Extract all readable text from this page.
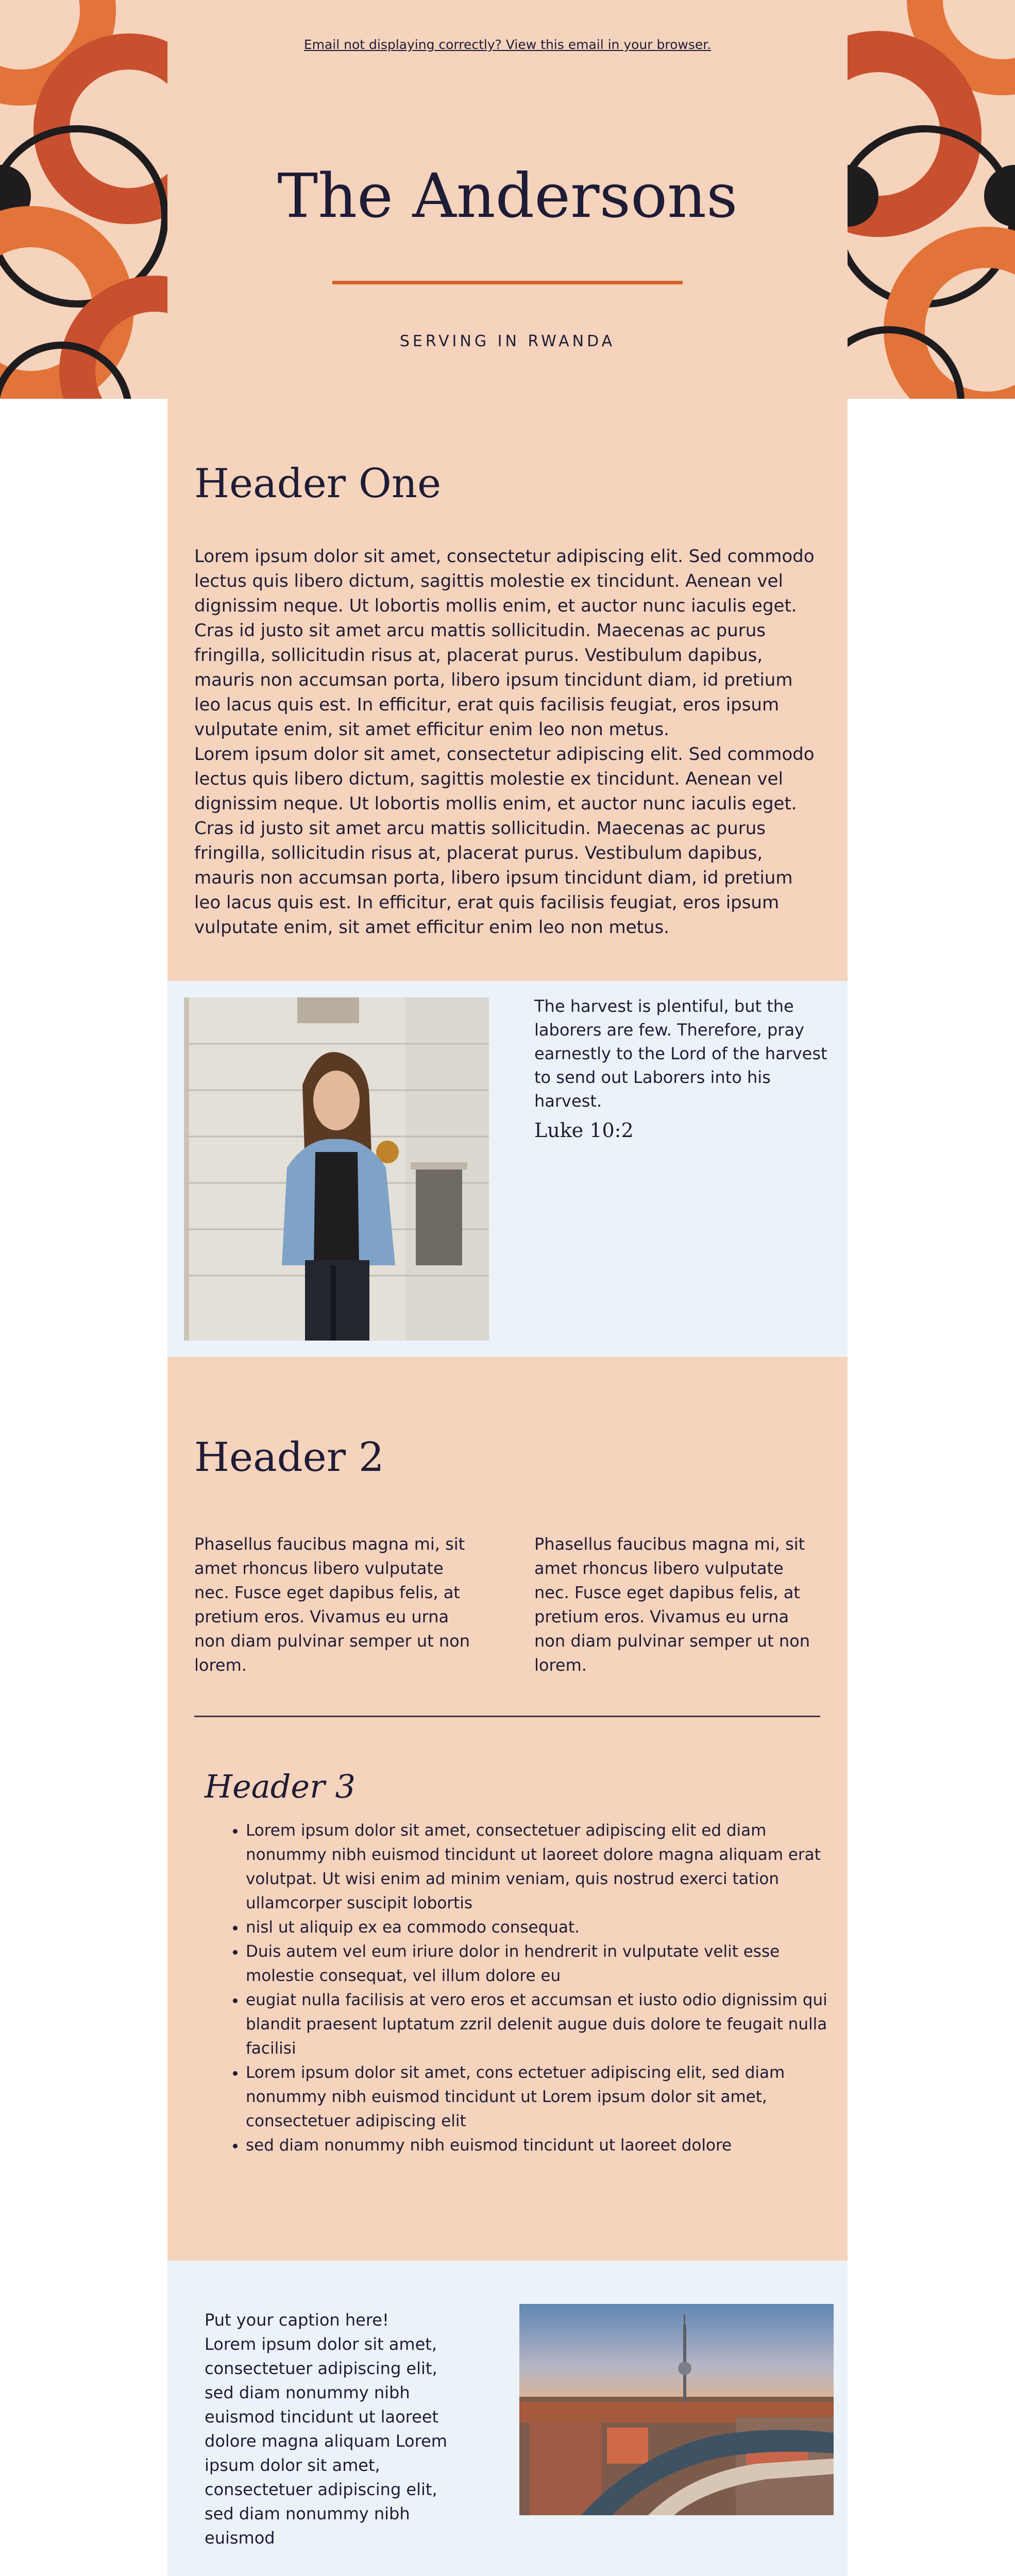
Email not displaying correctly? View this email in your browser.
The Andersons
SERVING IN RWANDA
Header One
Lorem ipsum dolor sit amet, consectetur adipiscing elit. Sed commodo lectus quis libero dictum, sagittis molestie ex tincidunt. Aenean vel dignissim neque. Ut lobortis mollis enim, et auctor nunc iaculis eget. Cras id justo sit amet arcu mattis sollicitudin. Maecenas ac purus fringilla, sollicitudin risus at, placerat purus. Vestibulum dapibus, mauris non accumsan porta, libero ipsum tincidunt diam, id pretium leo lacus quis est. In efficitur, erat quis facilisis feugiat, eros ipsum vulputate enim, sit amet efficitur enim leo non metus.
Lorem ipsum dolor sit amet, consectetur adipiscing elit. Sed commodo lectus quis libero dictum, sagittis molestie ex tincidunt. Aenean vel dignissim neque. Ut lobortis mollis enim, et auctor nunc iaculis eget. Cras id justo sit amet arcu mattis sollicitudin. Maecenas ac purus fringilla, sollicitudin risus at, placerat purus. Vestibulum dapibus, mauris non accumsan porta, libero ipsum tincidunt diam, id pretium leo lacus quis est. In efficitur, erat quis facilisis feugiat, eros ipsum vulputate enim, sit amet efficitur enim leo non metus.
The harvest is plentiful, but the laborers are few. Therefore, pray earnestly to the Lord of the harvest to send out Laborers into his harvest.
Luke 10:2
Header 2
Phasellus faucibus magna mi, sit amet rhoncus libero vulputate nec. Fusce eget dapibus felis, at pretium eros. Vivamus eu urna non diam pulvinar semper ut non lorem.
Phasellus faucibus magna mi, sit amet rhoncus libero vulputate nec. Fusce eget dapibus felis, at pretium eros. Vivamus eu urna non diam pulvinar semper ut non lorem.
Header 3
• Lorem ipsum dolor sit amet, consectetuer adipiscing elit ed diam nonummy nibh euismod tincidunt ut laoreet dolore magna aliquam erat volutpat. Ut wisi enim ad minim veniam, quis nostrud exerci tation ullamcorper suscipit lobortis
• nisl ut aliquip ex ea commodo consequat.
• Duis autem vel eum iriure dolor in hendrerit in vulputate velit esse molestie consequat, vel illum dolore eu
• eugiat nulla facilisis at vero eros et accumsan et iusto odio dignissim qui blandit praesent luptatum zzril delenit augue duis dolore te feugait nulla facilisi
• Lorem ipsum dolor sit amet, cons ectetuer adipiscing elit, sed diam nonummy nibh euismod tincidunt ut Lorem ipsum dolor sit amet, consectetuer adipiscing elit
• sed diam nonummy nibh euismod tincidunt ut laoreet dolore
Put your caption here!
Lorem ipsum dolor sit amet, consectetuer adipiscing elit, sed diam nonummy nibh euismod tincidunt ut laoreet dolore magna aliquam Lorem ipsum dolor sit amet, consectetuer adipiscing elit, sed diam nonummy nibh euismod
